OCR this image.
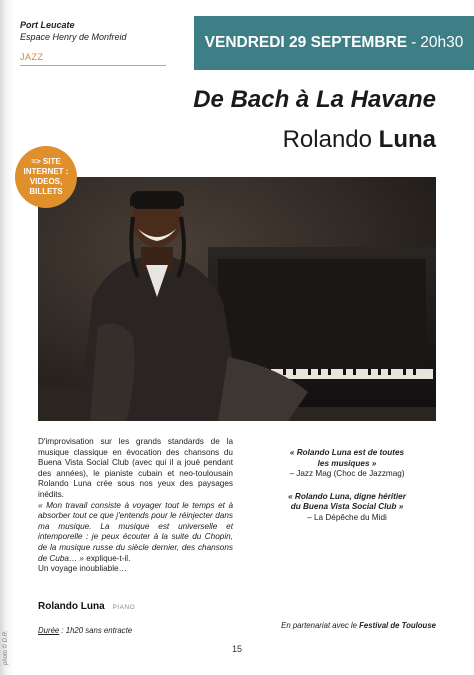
Port Leucate
Espace Henry de Monfreid
JAZZ
VENDREDI 29 SEPTEMBRE - 20h30
De Bach à La Havane
Rolando Luna
=> SITE
INTERNET :
VIDEOS,
BILLETS

D'improvisation sur les grands standards de la musique classique en évocation des chansons du Buena Vista Social Club (avec qui il a joué pendant des années), le pianiste cubain et neo-toulousain Rolando Luna crée sous nos yeux des paysages inédits.

« Mon travail consiste à voyager tout le temps et à absorber tout ce que j'entends pour le réinjecter dans ma musique. La musique est universelle et intemporelle : je peux écouter à la suite du Chopin, de la musique russe du siècle dernier, des chansons de Cuba… » explique-t-il.

Un voyage inoubliable…

« Rolando Luna est de toutes
les musiques »
– Jazz Mag (Choc de Jazzmag)
« Rolando Luna, digne héritier
du Buena Vista Social Club »
– La Dépêche du Midi
Rolando Luna PIANO
Durée : 1h20 sans entracte
En partenariat avec le Festival de Toulouse
15
photo © D.R.
